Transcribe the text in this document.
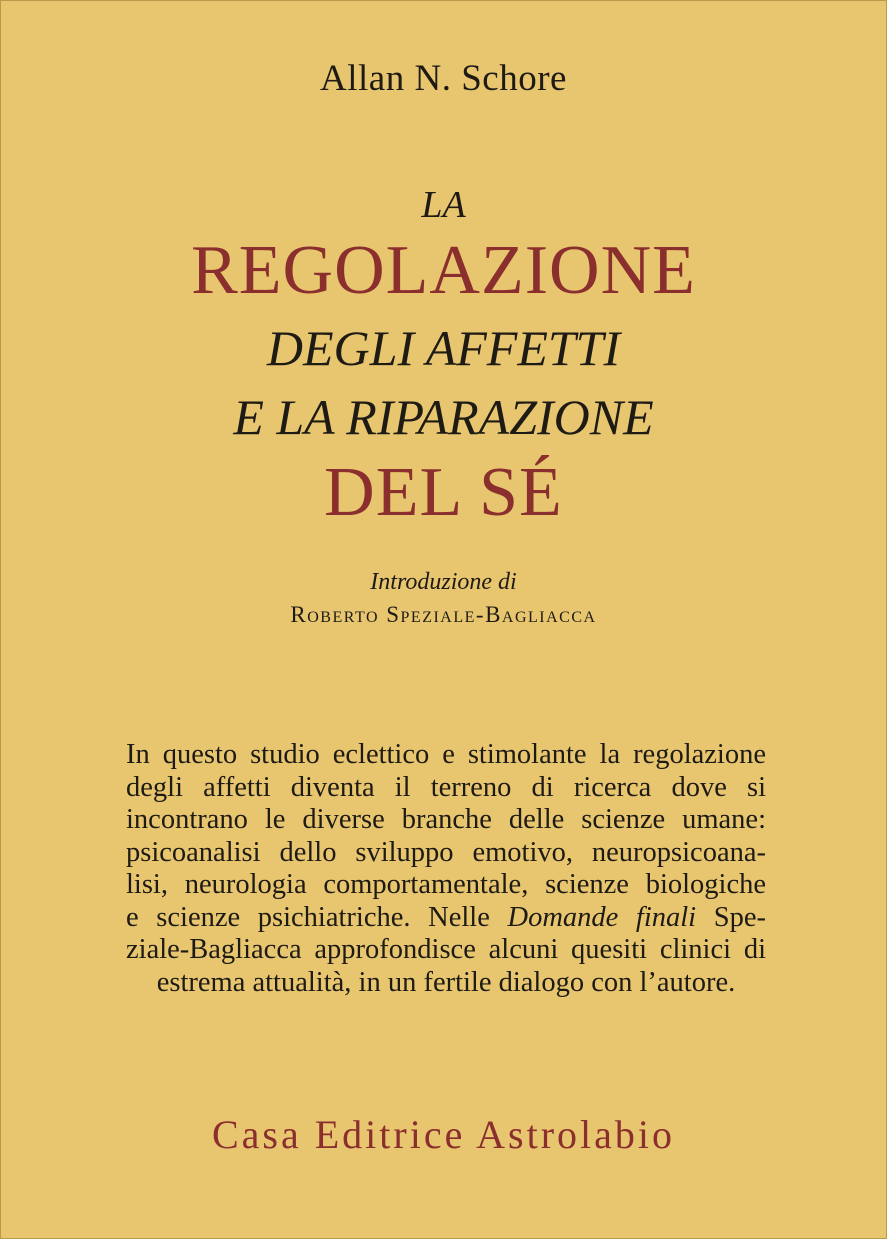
Allan N. Schore
LA
REGOLAZIONE
DEGLI AFFETTI
E LA RIPARAZIONE
DEL SÉ
Introduzione di
Roberto Speziale-Bagliacca
In questo studio eclettico e stimolante la regolazione
degli affetti diventa il terreno di ricerca dove si
incontrano le diverse branche delle scienze umane:
psicoanalisi dello sviluppo emotivo, neuropsicoana-
lisi, neurologia comportamentale, scienze biologiche
e scienze psichiatriche. Nelle Domande finali Spe-
ziale-Bagliacca approfondisce alcuni quesiti clinici di
estrema attualità, in un fertile dialogo con l’autore.
Casa Editrice Astrolabio
